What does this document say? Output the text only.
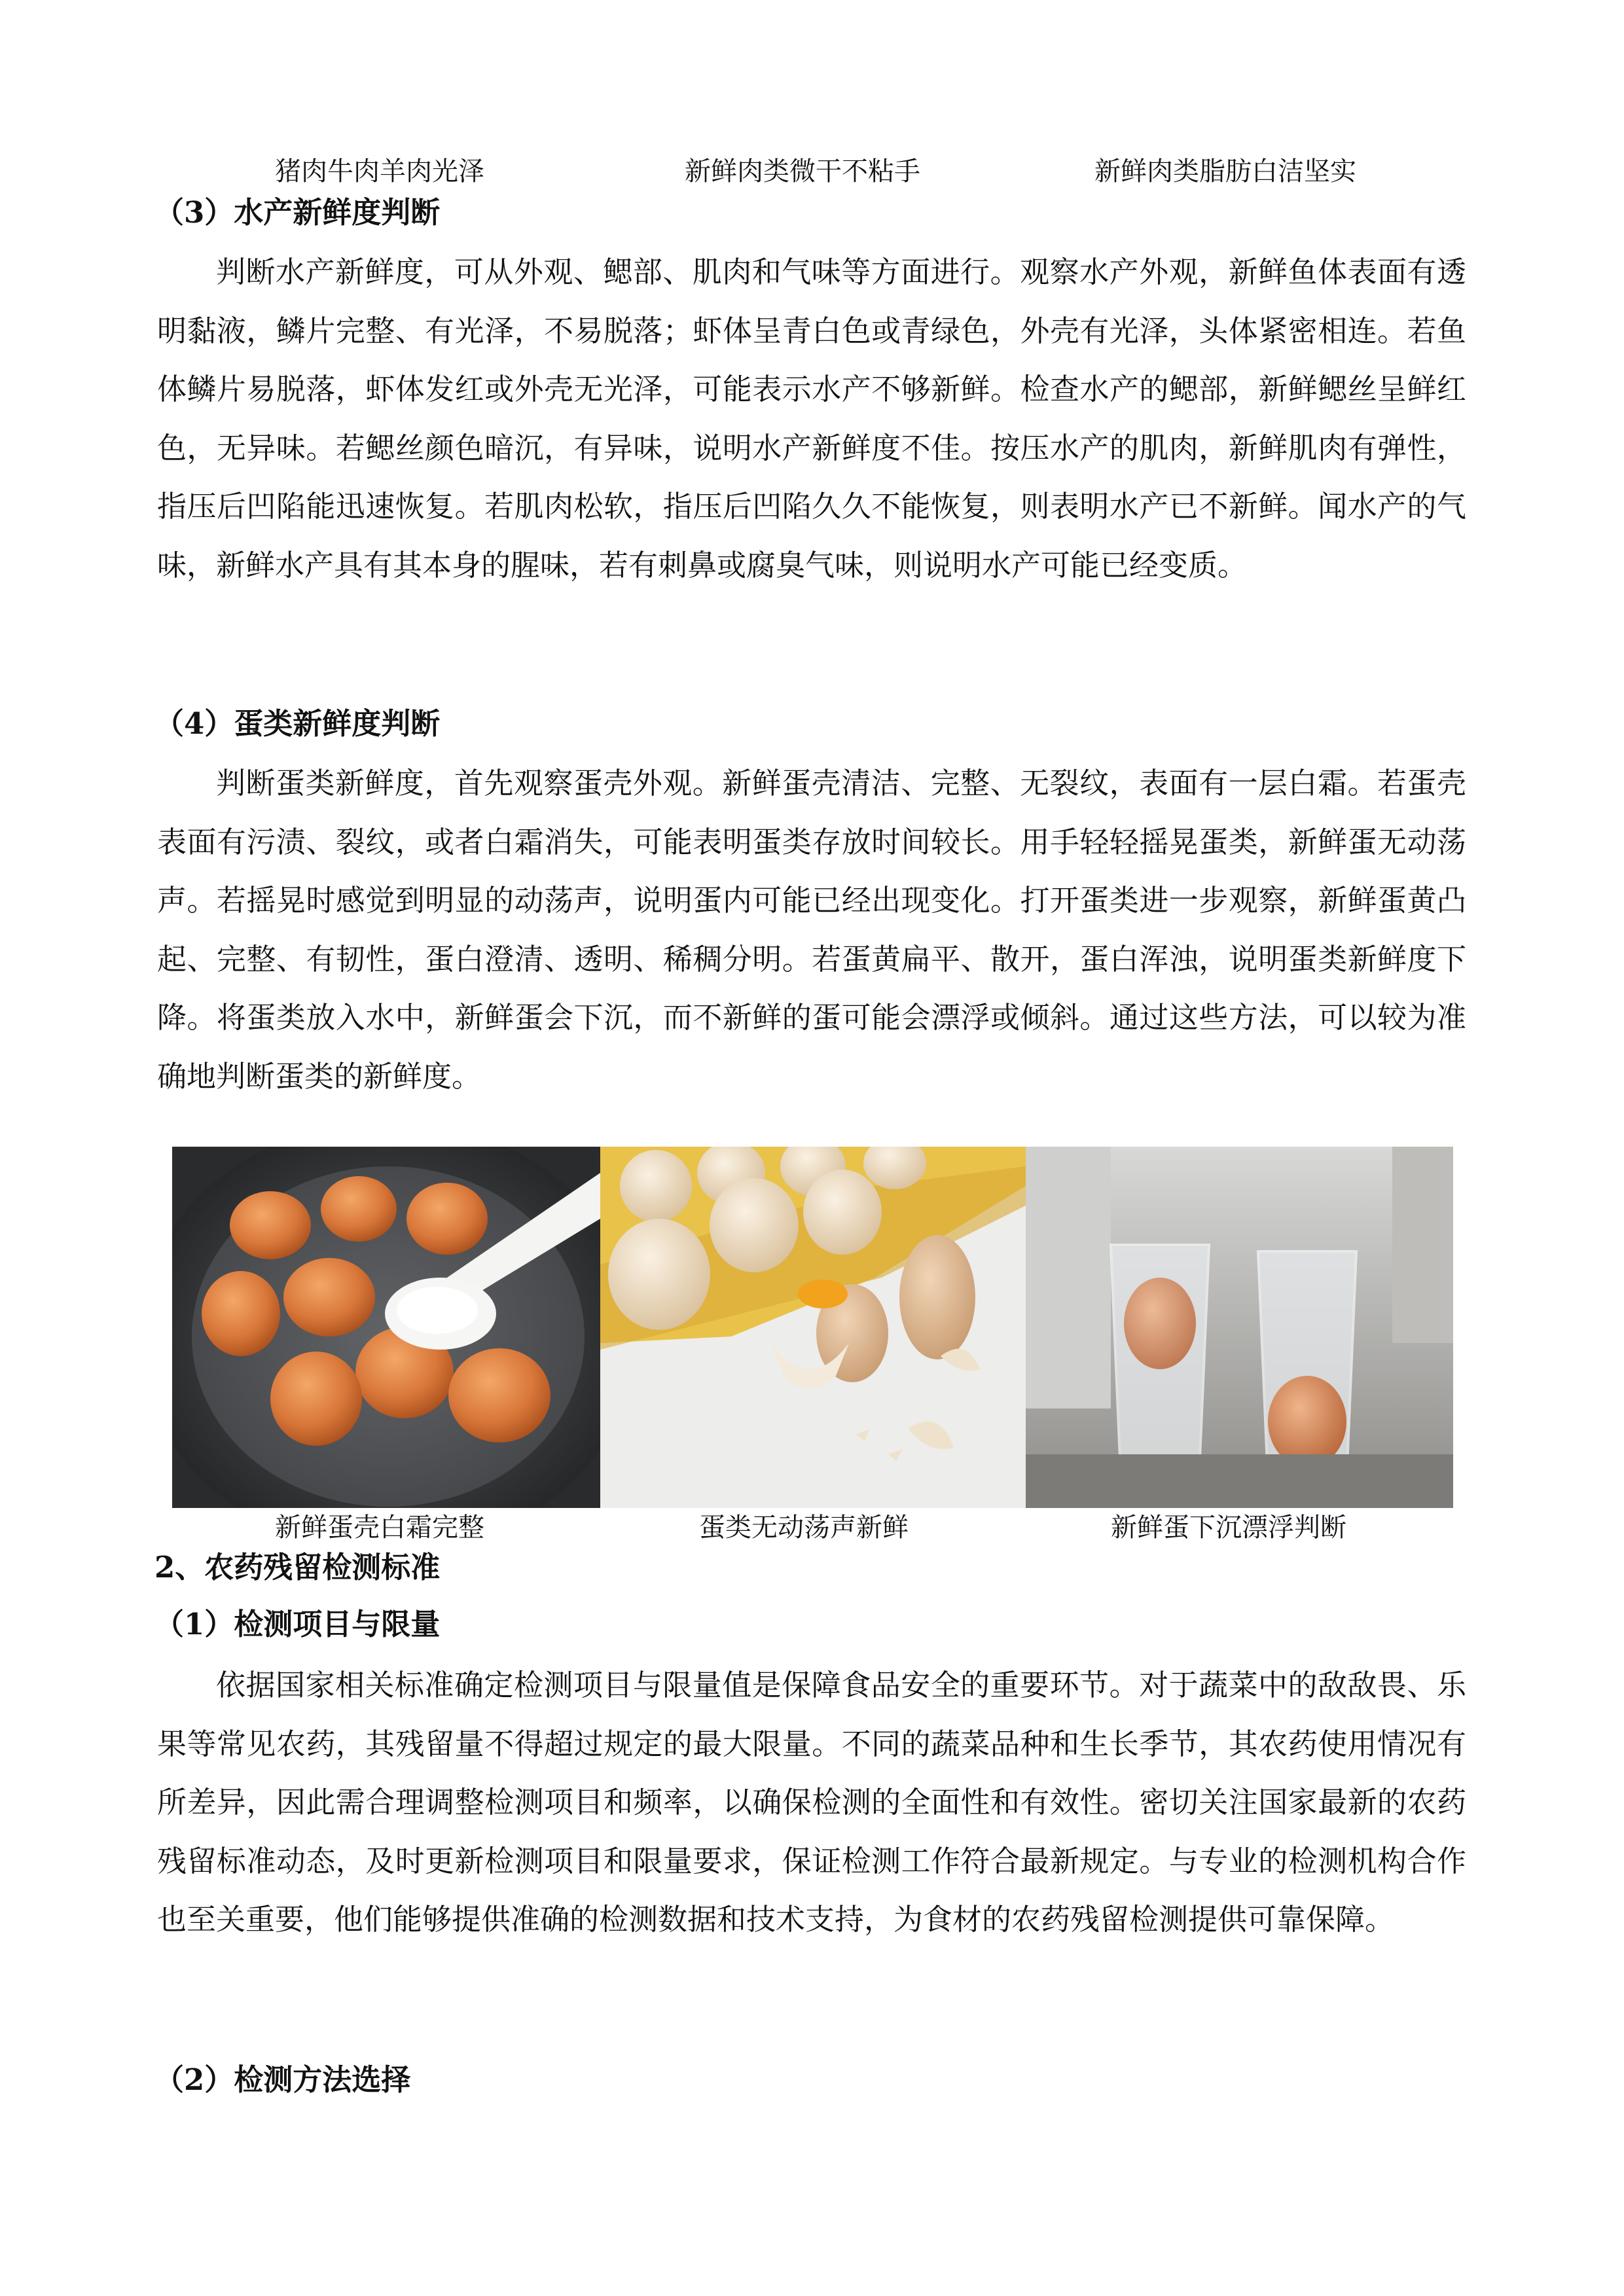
猪肉牛肉羊肉光泽	新鲜肉类微干不粘手	新鲜肉类脂肪白洁坚实
（3）水产新鲜度判断

判断水产新鲜度，可从外观、鳃部、肌肉和气味等方面进行。观察水产外观，新鲜鱼体表面有透明黏液，鳞片完整、有光泽，不易脱落；虾体呈青白色或青绿色，外壳有光泽，头体紧密相连。若鱼体鳞片易脱落，虾体发红或外壳无光泽，可能表示水产不够新鲜。检查水产的鳃部，新鲜鳃丝呈鲜红色，无异味。若鳃丝颜色暗沉，有异味，说明水产新鲜度不佳。按压水产的肌肉，新鲜肌肉有弹性，指压后凹陷能迅速恢复。若肌肉松软，指压后凹陷久久不能恢复，则表明水产已不新鲜。闻水产的气味，新鲜水产具有其本身的腥味，若有刺鼻或腐臭气味，则说明水产可能已经变质。

（4）蛋类新鲜度判断

判断蛋类新鲜度，首先观察蛋壳外观。新鲜蛋壳清洁、完整、无裂纹，表面有一层白霜。若蛋壳表面有污渍、裂纹，或者白霜消失，可能表明蛋类存放时间较长。用手轻轻摇晃蛋类，新鲜蛋无动荡声。若摇晃时感觉到明显的动荡声，说明蛋内可能已经出现变化。打开蛋类进一步观察，新鲜蛋黄凸起、完整、有韧性，蛋白澄清、透明、稀稠分明。若蛋黄扁平、散开，蛋白浑浊，说明蛋类新鲜度下降。将蛋类放入水中，新鲜蛋会下沉，而不新鲜的蛋可能会漂浮或倾斜。通过这些方法，可以较为准确地判断蛋类的新鲜度。

新鲜蛋壳白霜完整	蛋类无动荡声新鲜	新鲜蛋下沉漂浮判断
2、农药残留检测标准
（1）检测项目与限量

依据国家相关标准确定检测项目与限量值是保障食品安全的重要环节。对于蔬菜中的敌敌畏、乐果等常见农药，其残留量不得超过规定的最大限量。不同的蔬菜品种和生长季节，其农药使用情况有所差异，因此需合理调整检测项目和频率，以确保检测的全面性和有效性。密切关注国家最新的农药残留标准动态，及时更新检测项目和限量要求，保证检测工作符合最新规定。与专业的检测机构合作也至关重要，他们能够提供准确的检测数据和技术支持，为食材的农药残留检测提供可靠保障。

（2）检测方法选择
